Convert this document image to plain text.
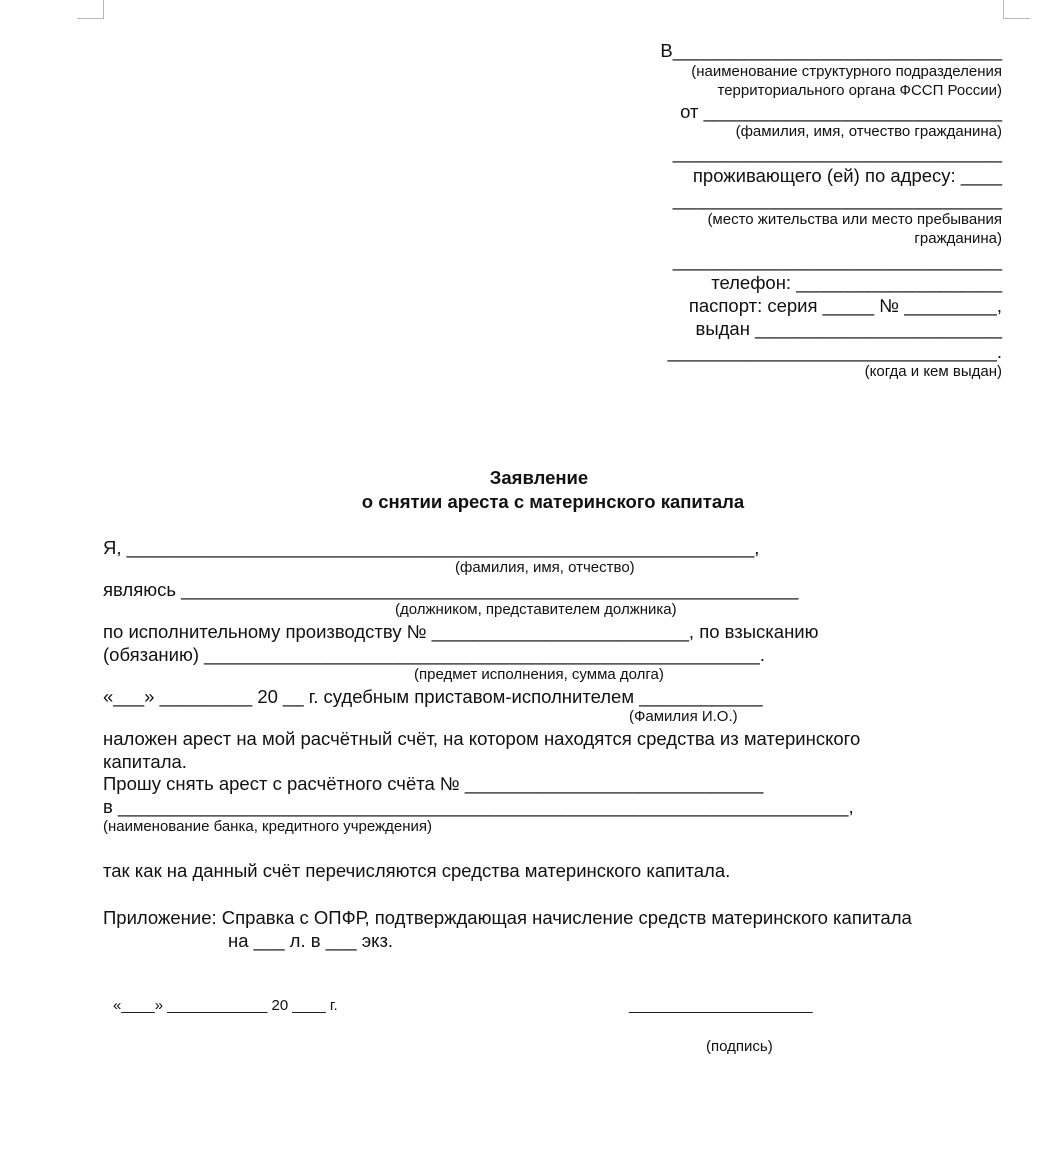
В________________________________
(наименование структурного подразделения
территориального органа ФССП России)
от _____________________________
(фамилия, имя, отчество гражданина)
________________________________
проживающего (ей) по адресу: ____
________________________________
(место жительства или место пребывания
гражданина)
________________________________
телефон: ____________________
паспорт: серия _____ № _________,
выдан ________________________
________________________________.
(когда и кем выдан)
Заявление
о снятии ареста с материнского капитала
Я, _____________________________________________________________,
(фамилия, имя, отчество)
являюсь ____________________________________________________________
(должником, представителем должника)
по исполнительному производству № _________________________, по взысканию
(обязанию) ______________________________________________________.
(предмет исполнения, сумма долга)
«___» _________ 20 __ г. судебным приставом-исполнителем ____________
(Фамилия И.О.)
наложен арест на мой расчётный счёт, на котором находятся средства из материнского
капитала.
Прошу снять арест с расчётного счёта № _____________________________
в _______________________________________________________________________,
(наименование банка, кредитного учреждения)
так как на данный счёт перечисляются средства материнского капитала.
Приложение: Справка с ОПФР, подтверждающая начисление средств материнского капитала
на ___ л. в ___ экз.
«____» ____________ 20 ____ г.	______________________
(подпись)
